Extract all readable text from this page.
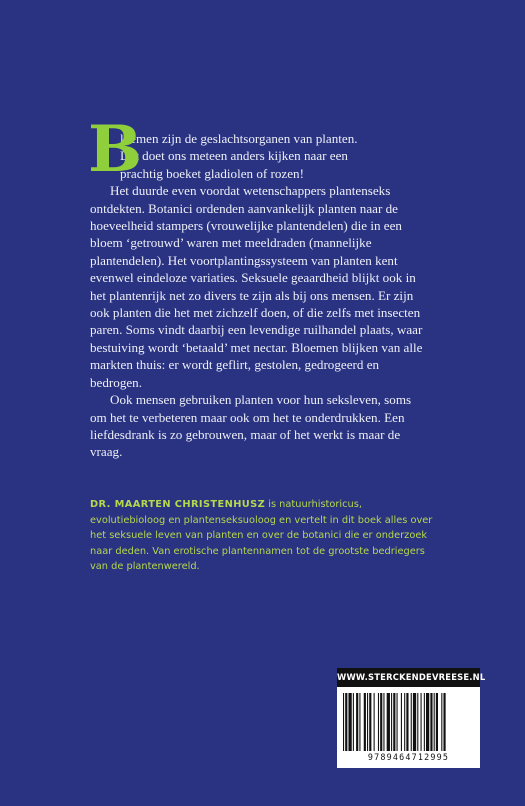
B
loemen zijn de geslachtsorganen van planten.
Dat doet ons meteen anders kijken naar een
prachtig boeket gladiolen of rozen!

Het duurde even voordat wetenschappers plantenseks ontdekten. Botanici ordenden aanvankelijk planten naar de hoeveelheid stampers (vrouwelijke plantendelen) die in een bloem ‘getrouwd’ waren met meeldraden (mannelijke plantendelen). Het voortplantingssysteem van planten kent evenwel eindeloze variaties. Seksuele geaardheid blijkt ook in het plantenrijk net zo divers te zijn als bij ons mensen. Er zijn ook planten die het met zichzelf doen, of die zelfs met insecten paren. Soms vindt daarbij een levendige ruilhandel plaats, waar bestuiving wordt ‘betaald’ met nectar. Bloemen blijken van alle markten thuis: er wordt geflirt, gestolen, gedrogeerd en bedrogen.

Ook mensen gebruiken planten voor hun seksleven, soms om het te verbeteren maar ook om het te onderdrukken. Een liefdesdrank is zo gebrouwen, maar of het werkt is maar de vraag.

DR. MAARTEN CHRISTENHUSZ is natuurhistoricus, evolutiebioloog en plantenseksuoloog en vertelt in dit boek alles over het seksuele leven van planten en over de botanici die er onderzoek naar deden. Van erotische plantennamen tot de grootste bedriegers van de plantenwereld.
WWW.STERCKENDEVREESE.NL
9789464712995
